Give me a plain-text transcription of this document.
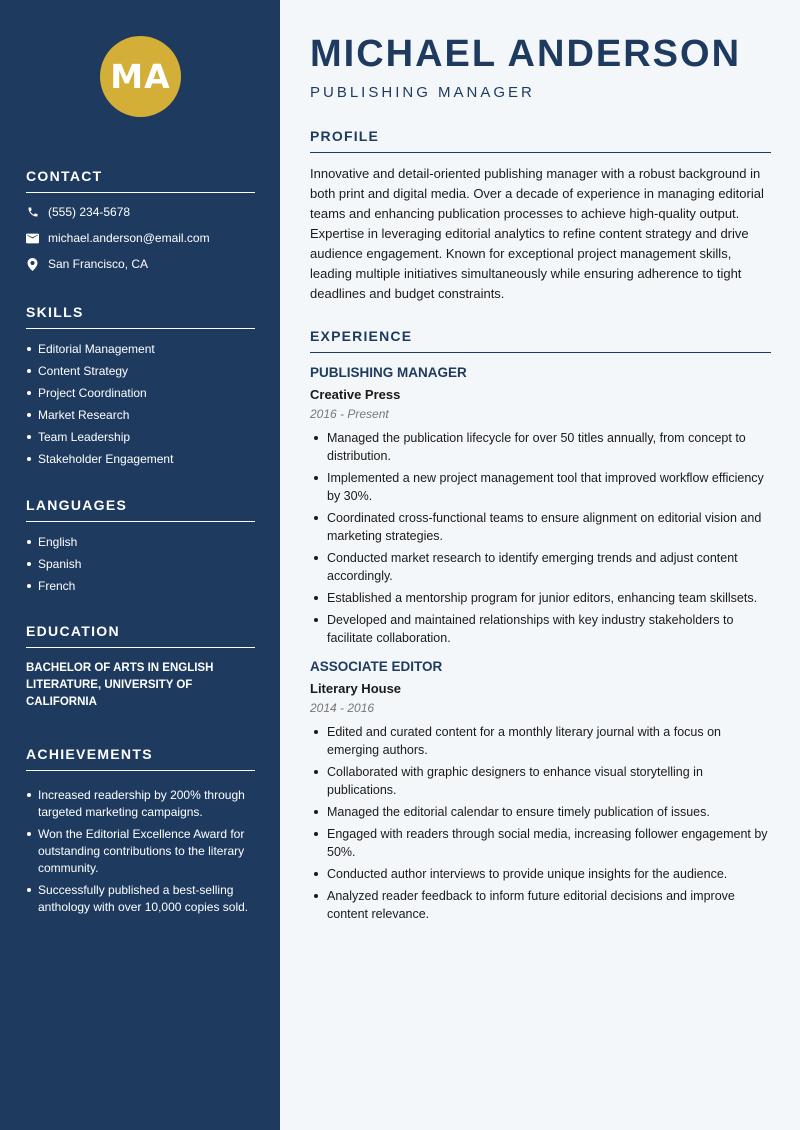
MA
CONTACT
(555) 234-5678
michael.anderson@email.com
San Francisco, CA
SKILLS
Editorial Management
Content Strategy
Project Coordination
Market Research
Team Leadership
Stakeholder Engagement
LANGUAGES
English
Spanish
French
EDUCATION
BACHELOR OF ARTS IN ENGLISH LITERATURE, UNIVERSITY OF CALIFORNIA
ACHIEVEMENTS
Increased readership by 200% through targeted marketing campaigns.
Won the Editorial Excellence Award for outstanding contributions to the literary community.
Successfully published a best-selling anthology with over 10,000 copies sold.
MICHAEL ANDERSON
PUBLISHING MANAGER
PROFILE

Innovative and detail-oriented publishing manager with a robust background in both print and digital media. Over a decade of experience in managing editorial teams and enhancing publication processes to achieve high-quality output. Expertise in leveraging editorial analytics to refine content strategy and drive audience engagement. Known for exceptional project management skills, leading multiple initiatives simultaneously while ensuring adherence to tight deadlines and budget constraints.

EXPERIENCE
PUBLISHING MANAGER
Creative Press
2016 - Present
Managed the publication lifecycle for over 50 titles annually, from concept to distribution.
Implemented a new project management tool that improved workflow efficiency by 30%.
Coordinated cross-functional teams to ensure alignment on editorial vision and marketing strategies.
Conducted market research to identify emerging trends and adjust content accordingly.
Established a mentorship program for junior editors, enhancing team skillsets.
Developed and maintained relationships with key industry stakeholders to facilitate collaboration.
ASSOCIATE EDITOR
Literary House
2014 - 2016
Edited and curated content for a monthly literary journal with a focus on emerging authors.
Collaborated with graphic designers to enhance visual storytelling in publications.
Managed the editorial calendar to ensure timely publication of issues.
Engaged with readers through social media, increasing follower engagement by 50%.
Conducted author interviews to provide unique insights for the audience.
Analyzed reader feedback to inform future editorial decisions and improve content relevance.
